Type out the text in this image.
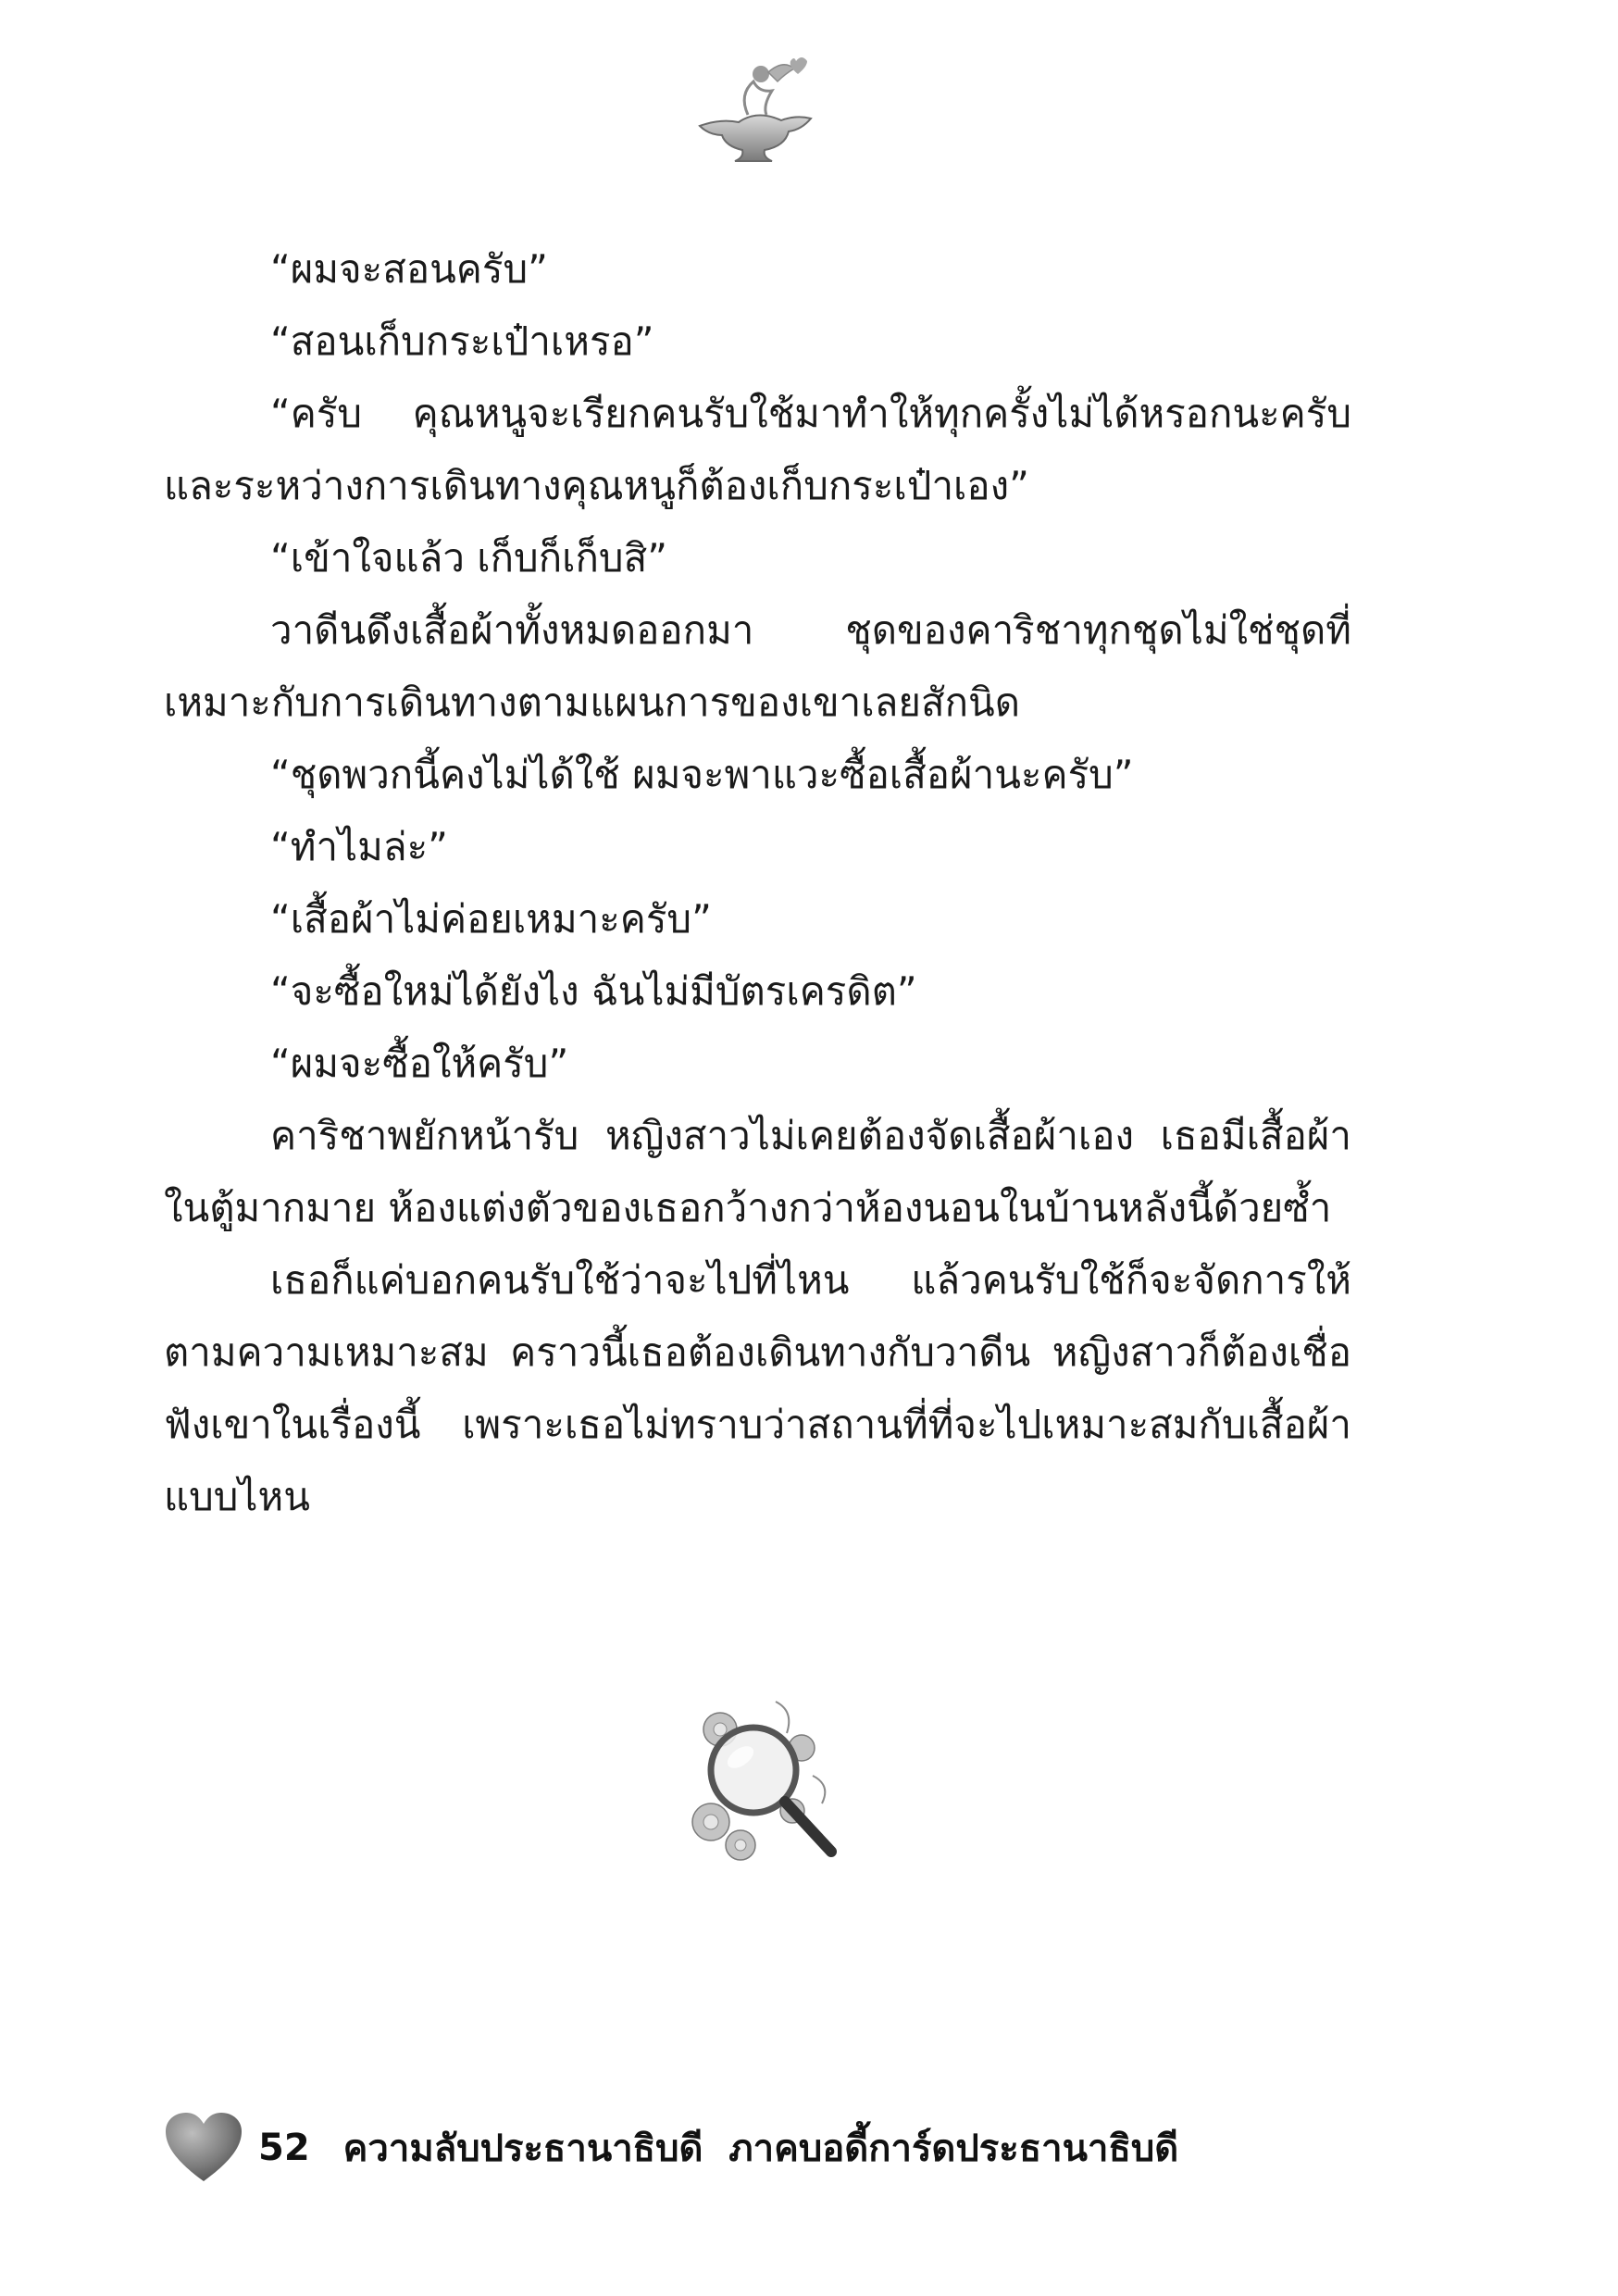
“ผมจะสอนครับ”

“สอนเก็บกระเป๋าเหรอ”

“ครับ คุณหนูจะเรียกคนรับใช้มาทำให้ทุกครั้งไม่ได้หรอกนะครับ และระหว่างการเดินทางคุณหนูก็ต้องเก็บกระเป๋าเอง”

“เข้าใจแล้ว เก็บก็เก็บสิ”

วาดีนดึงเสื้อผ้าทั้งหมดออกมา ชุดของคาริชาทุกชุดไม่ใช่ชุดที่เหมาะกับการเดินทางตามแผนการของเขาเลยสักนิด

“ชุดพวกนี้คงไม่ได้ใช้ ผมจะพาแวะซื้อเสื้อผ้านะครับ”

“ทำไมล่ะ”

“เสื้อผ้าไม่ค่อยเหมาะครับ”

“จะซื้อใหม่ได้ยังไง ฉันไม่มีบัตรเครดิต”

“ผมจะซื้อให้ครับ”

คาริชาพยักหน้ารับ หญิงสาวไม่เคยต้องจัดเสื้อผ้าเอง เธอมีเสื้อผ้าในตู้มากมาย ห้องแต่งตัวของเธอกว้างกว่าห้องนอนในบ้านหลังนี้ด้วยซ้ำ

เธอก็แค่บอกคนรับใช้ว่าจะไปที่ไหน แล้วคนรับใช้ก็จะจัดการให้ตามความเหมาะสม คราวนี้เธอต้องเดินทางกับวาดีน หญิงสาวก็ต้องเชื่อฟังเขาในเรื่องนี้ เพราะเธอไม่ทราบว่าสถานที่ที่จะไปเหมาะสมกับเสื้อผ้าแบบไหน

52 ความลับประธานาธิบดี  ภาคบอดี้การ์ดประธานาธิบดี
